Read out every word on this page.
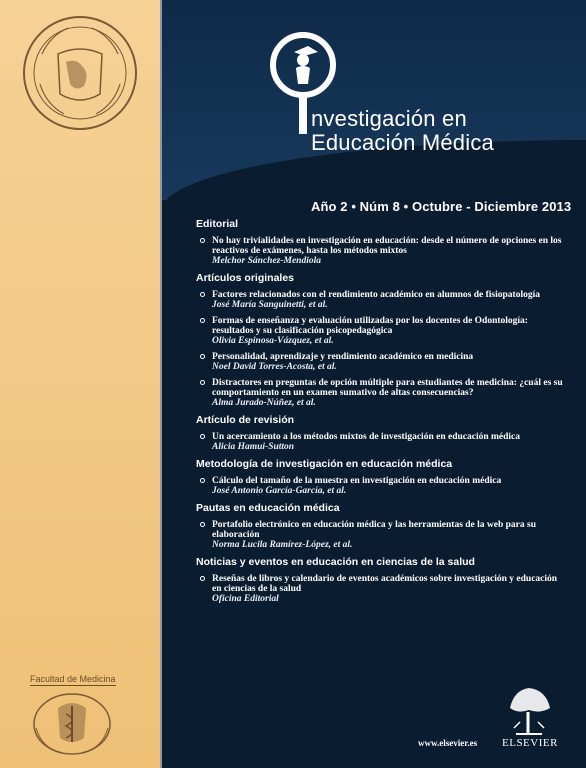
nvestigación en
Educación Médica
Año 2 • Núm 8 • Octubre - Diciembre 2013
Editorial
No hay trivialidades en investigación en educación: desde el número de opciones en los reactivos de exámenes, hasta los métodos mixtos
Melchor Sánchez-Mendiola
Artículos originales
Factores relacionados con el rendimiento académico en alumnos de fisiopatología
José María Sanguinetti, et al.
Formas de enseñanza y evaluación utilizadas por los docentes de Odontología: resultados y su clasificación psicopedagógica
Olivia Espinosa-Vázquez, et al.
Personalidad, aprendizaje y rendimiento académico en medicina
Noel David Torres-Acosta, et al.
Distractores en preguntas de opción múltiple para estudiantes de medicina: ¿cuál es su comportamiento en un examen sumativo de altas consecuencias?
Alma Jurado-Núñez, et al.
Artículo de revisión
Un acercamiento a los métodos mixtos de investigación en educación médica
Alicia Hamui-Sutton
Metodología de investigación en educación médica
Cálculo del tamaño de la muestra en investigación en educación médica
José Antonio García-García, et al.
Pautas en educación médica
Portafolio electrónico en educación médica y las herramientas de la web para su elaboración
Norma Lucila Ramírez-López, et al.
Noticias y eventos en educación en ciencias de la salud
Reseñas de libros y calendario de eventos académicos sobre investigación y educación en ciencias de la salud
Oficina Editorial
Facultad de Medicina
www.elsevier.es ELSEVIER
